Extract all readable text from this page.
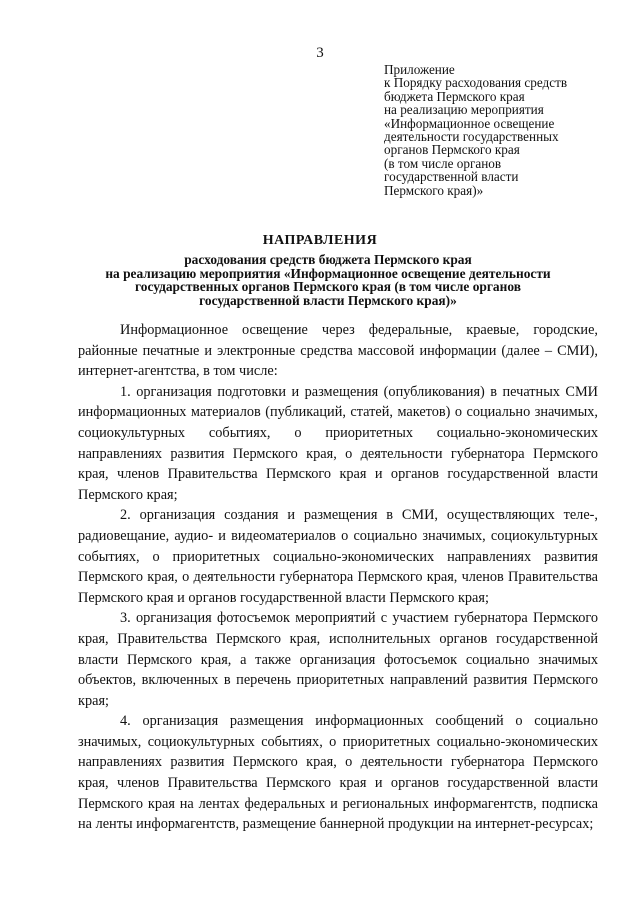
3
Приложение
к Порядку расходования средств
бюджета Пермского края
на реализацию мероприятия
«Информационное освещение
деятельности государственных
органов Пермского края
(в том числе органов
государственной власти
Пермского края)»
НАПРАВЛЕНИЯ
расходования средств бюджета Пермского края
на реализацию мероприятия «Информационное освещение деятельности
государственных органов Пермского края (в том числе органов
государственной власти Пермского края)»

Информационное освещение через федеральные, краевые, городские, районные печатные и электронные средства массовой информации (далее – СМИ), интернет-агентства, в том числе:

1. организация подготовки и размещения (опубликования) в печатных СМИ информационных материалов (публикаций, статей, макетов) о социально значимых, социокультурных событиях, о приоритетных социально-экономических направлениях развития Пермского края, о деятельности губернатора Пермского края, членов Правительства Пермского края и органов государственной власти Пермского края;

2. организация создания и размещения в СМИ, осуществляющих теле-, радиовещание, аудио- и видеоматериалов о социально значимых, социокультурных событиях, о приоритетных социально-экономических направлениях развития Пермского края, о деятельности губернатора Пермского края, членов Правительства Пермского края и органов государственной власти Пермского края;

3. организация фотосъемок мероприятий с участием губернатора Пермского края, Правительства Пермского края, исполнительных органов государственной власти Пермского края, а также организация фотосъемок социально значимых объектов, включенных в перечень приоритетных направлений развития Пермского края;

4. организация размещения информационных сообщений о социально значимых, социокультурных событиях, о приоритетных социально-экономических направлениях развития Пермского края, о деятельности губернатора Пермского края, членов Правительства Пермского края и органов государственной власти Пермского края на лентах федеральных и региональных информагентств, подписка на ленты информагентств, размещение баннерной продукции на интернет-ресурсах;
